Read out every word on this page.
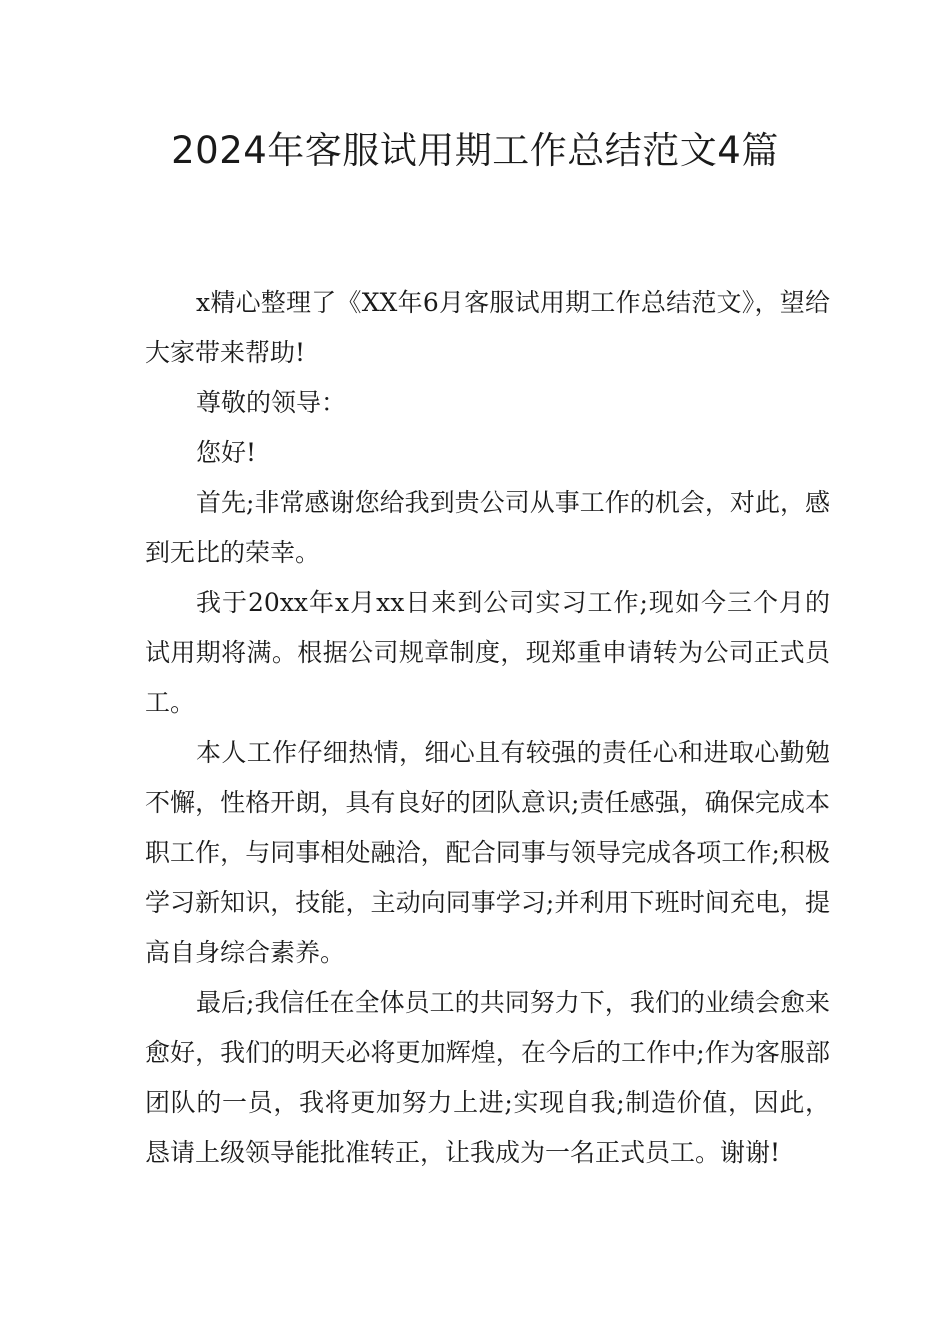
2024年客服试用期工作总结范文4篇

x精心整理了《XX年6月客服试用期工作总结范文》，望给大家带来帮助!

尊敬的领导：

您好!

首先;非常感谢您给我到贵公司从事工作的机会，对此，感到无比的荣幸。

我于20xx年x月xx日来到公司实习工作;现如今三个月的试用期将满。根据公司规章制度，现郑重申请转为公司正式员工。

本人工作仔细热情，细心且有较强的责任心和进取心勤勉不懈，性格开朗，具有良好的团队意识;责任感强，确保完成本职工作，与同事相处融洽，配合同事与领导完成各项工作;积极学习新知识，技能，主动向同事学习;并利用下班时间充电，提高自身综合素养。

最后;我信任在全体员工的共同努力下，我们的业绩会愈来愈好，我们的明天必将更加辉煌，在今后的工作中;作为客服部团队的一员，我将更加努力上进;实现自我;制造价值，因此，恳请上级领导能批准转正，让我成为一名正式员工。谢谢!
